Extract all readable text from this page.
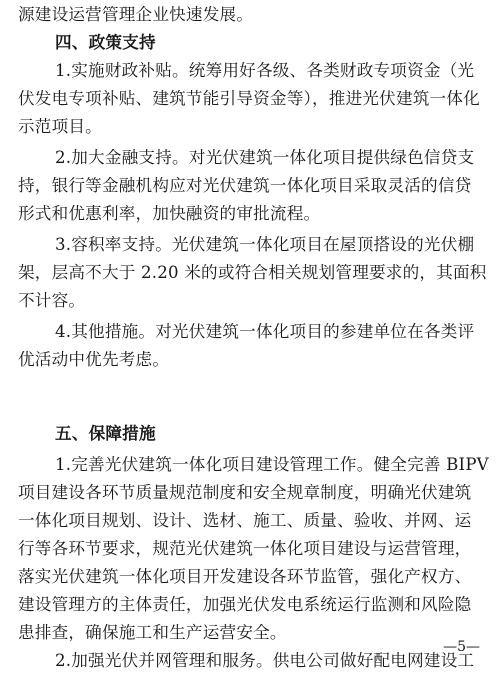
源建设运营管理企业快速发展。
四、政策支持
1.实施财政补贴。统筹用好各级、各类财政专项资金（光
伏发电专项补贴、建筑节能引导资金等），推进光伏建筑一体化
示范项目。
2.加大金融支持。对光伏建筑一体化项目提供绿色信贷支
持，银行等金融机构应对光伏建筑一体化项目采取灵活的信贷
形式和优惠利率，加快融资的审批流程。
3.容积率支持。光伏建筑一体化项目在屋顶搭设的光伏棚
架，层高不大于 2.20 米的或符合相关规划管理要求的，其面积
不计容。
4.其他措施。对光伏建筑一体化项目的参建单位在各类评
优活动中优先考虑。
五、保障措施
1.完善光伏建筑一体化项目建设管理工作。健全完善 BIPV
项目建设各环节质量规范制度和安全规章制度，明确光伏建筑
一体化项目规划、设计、选材、施工、质量、验收、并网、运
行等各环节要求，规范光伏建筑一体化项目建设与运营管理，
落实光伏建筑一体化项目开发建设各环节监管，强化产权方、
建设管理方的主体责任，加强光伏发电系统运行监测和风险隐
患排查，确保施工和生产运营安全。
2.加强光伏并网管理和服务。供电公司做好配电网建设工
—5—
